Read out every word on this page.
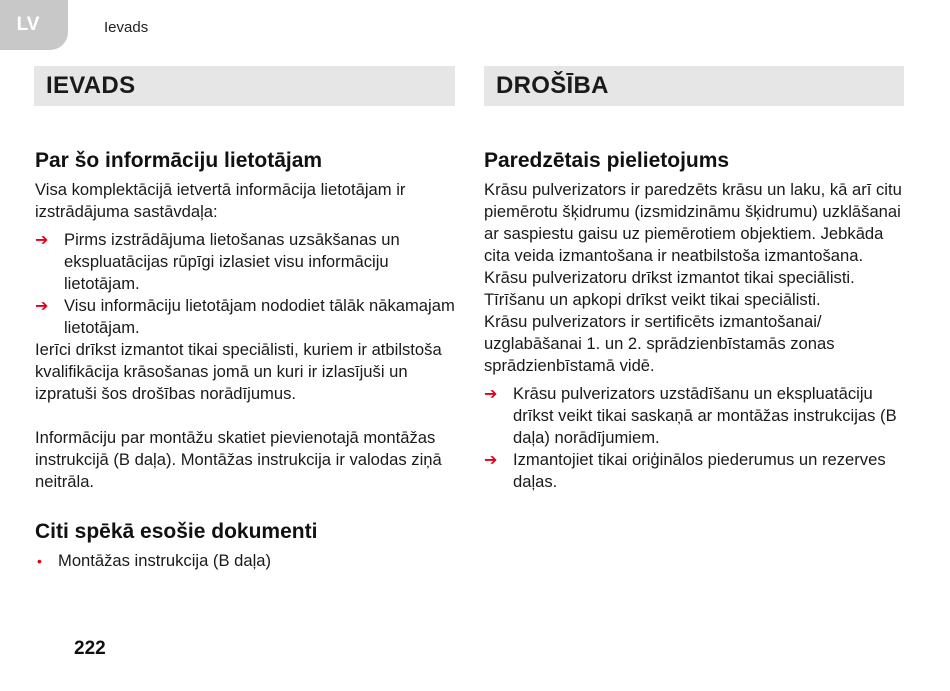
LV	Ievads
IEVADS	DROŠĪBA
Par šo informāciju lietotājam

Visa komplektācijā ietvertā informācija lietotājam ir izstrādājuma sastāvdaļa:

➔ Pirms izstrādājuma lietošanas uzsākšanas un ekspluatācijas rūpīgi izlasiet visu informāciju lietotājam.
➔ Visu informāciju lietotājam nododiet tālāk nākamajam lietotājam.

Ierīci drīkst izmantot tikai speciālisti, kuriem ir atbilstoša kvalifikācija krāsošanas jomā un kuri ir izlasījuši un izpratuši šos drošības norādījumus.

Informāciju par montāžu skatiet pievienotajā montāžas instrukcijā (B daļa). Montāžas instrukcija ir valodas ziņā neitrāla.

Citi spēkā esošie dokumenti
• Montāžas instrukcija (B daļa)
Paredzētais pielietojums

Krāsu pulverizators ir paredzēts krāsu un laku, kā arī citu piemērotu šķidrumu (izsmidzināmu šķidrumu) uzklāšanai ar saspiestu gaisu uz piemērotiem objektiem. Jebkāda cita veida izmantošana ir neatbilstoša izmantošana.

Krāsu pulverizatoru drīkst izmantot tikai speciālisti.

Tīrīšanu un apkopi drīkst veikt tikai speciālisti.

Krāsu pulverizators ir sertificēts izmantošanai/ uzglabāšanai 1. un 2. sprādzienbīstamās zonas sprādzienbīstamā vidē.

➔ Krāsu pulverizators uzstādīšanu un ekspluatāciju drīkst veikt tikai saskaņā ar montāžas instrukcijas (B daļa) norādījumiem.
➔ Izmantojiet tikai oriģinālos piederumus un rezerves daļas.
222
